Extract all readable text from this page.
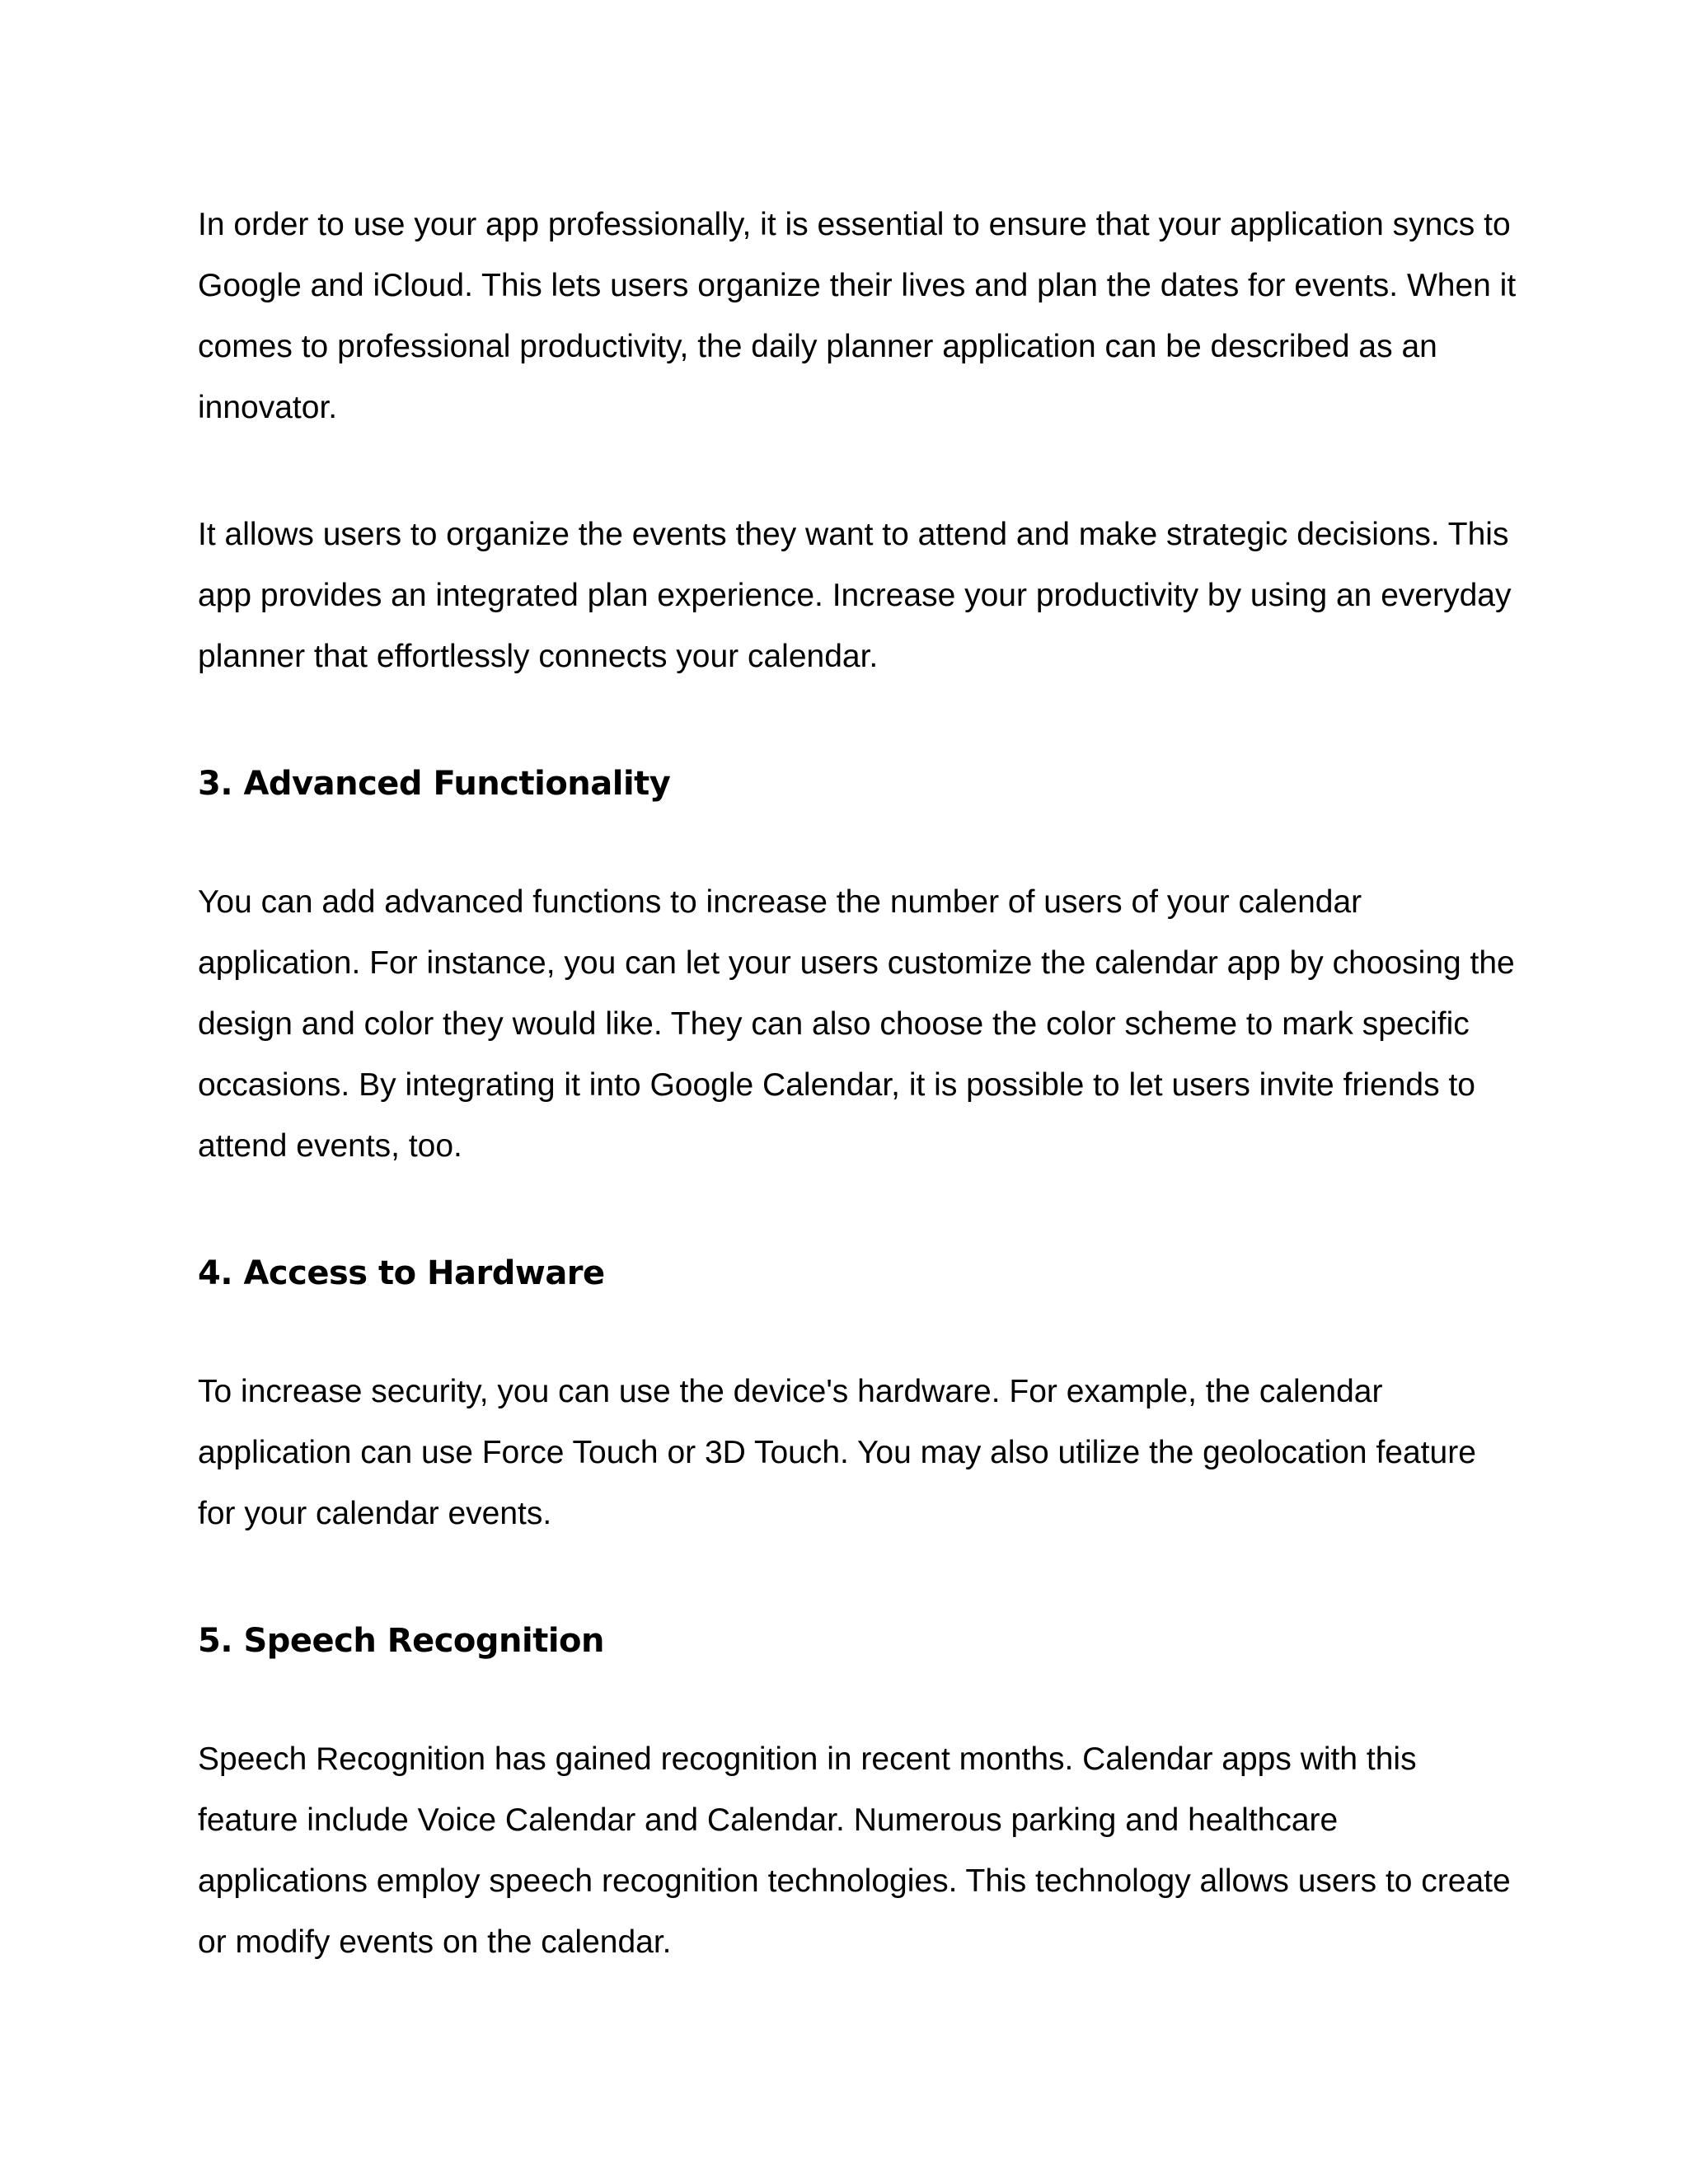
In order to use your app professionally, it is essential to ensure that your application syncs to Google and iCloud. This lets users organize their lives and plan the dates for events. When it comes to professional productivity, the daily planner application can be described as an innovator.

It allows users to organize the events they want to attend and make strategic decisions. This app provides an integrated plan experience. Increase your productivity by using an everyday planner that effortlessly connects your calendar.

3. Advanced Functionality

You can add advanced functions to increase the number of users of your calendar application. For instance, you can let your users customize the calendar app by choosing the design and color they would like. They can also choose the color scheme to mark specific occasions. By integrating it into Google Calendar, it is possible to let users invite friends to attend events, too.

4. Access to Hardware

To increase security, you can use the device's hardware. For example, the calendar application can use Force Touch or 3D Touch. You may also utilize the geolocation feature for your calendar events.

5. Speech Recognition

Speech Recognition has gained recognition in recent months. Calendar apps with this feature include Voice Calendar and Calendar. Numerous parking and healthcare applications employ speech recognition technologies. This technology allows users to create or modify events on the calendar.
